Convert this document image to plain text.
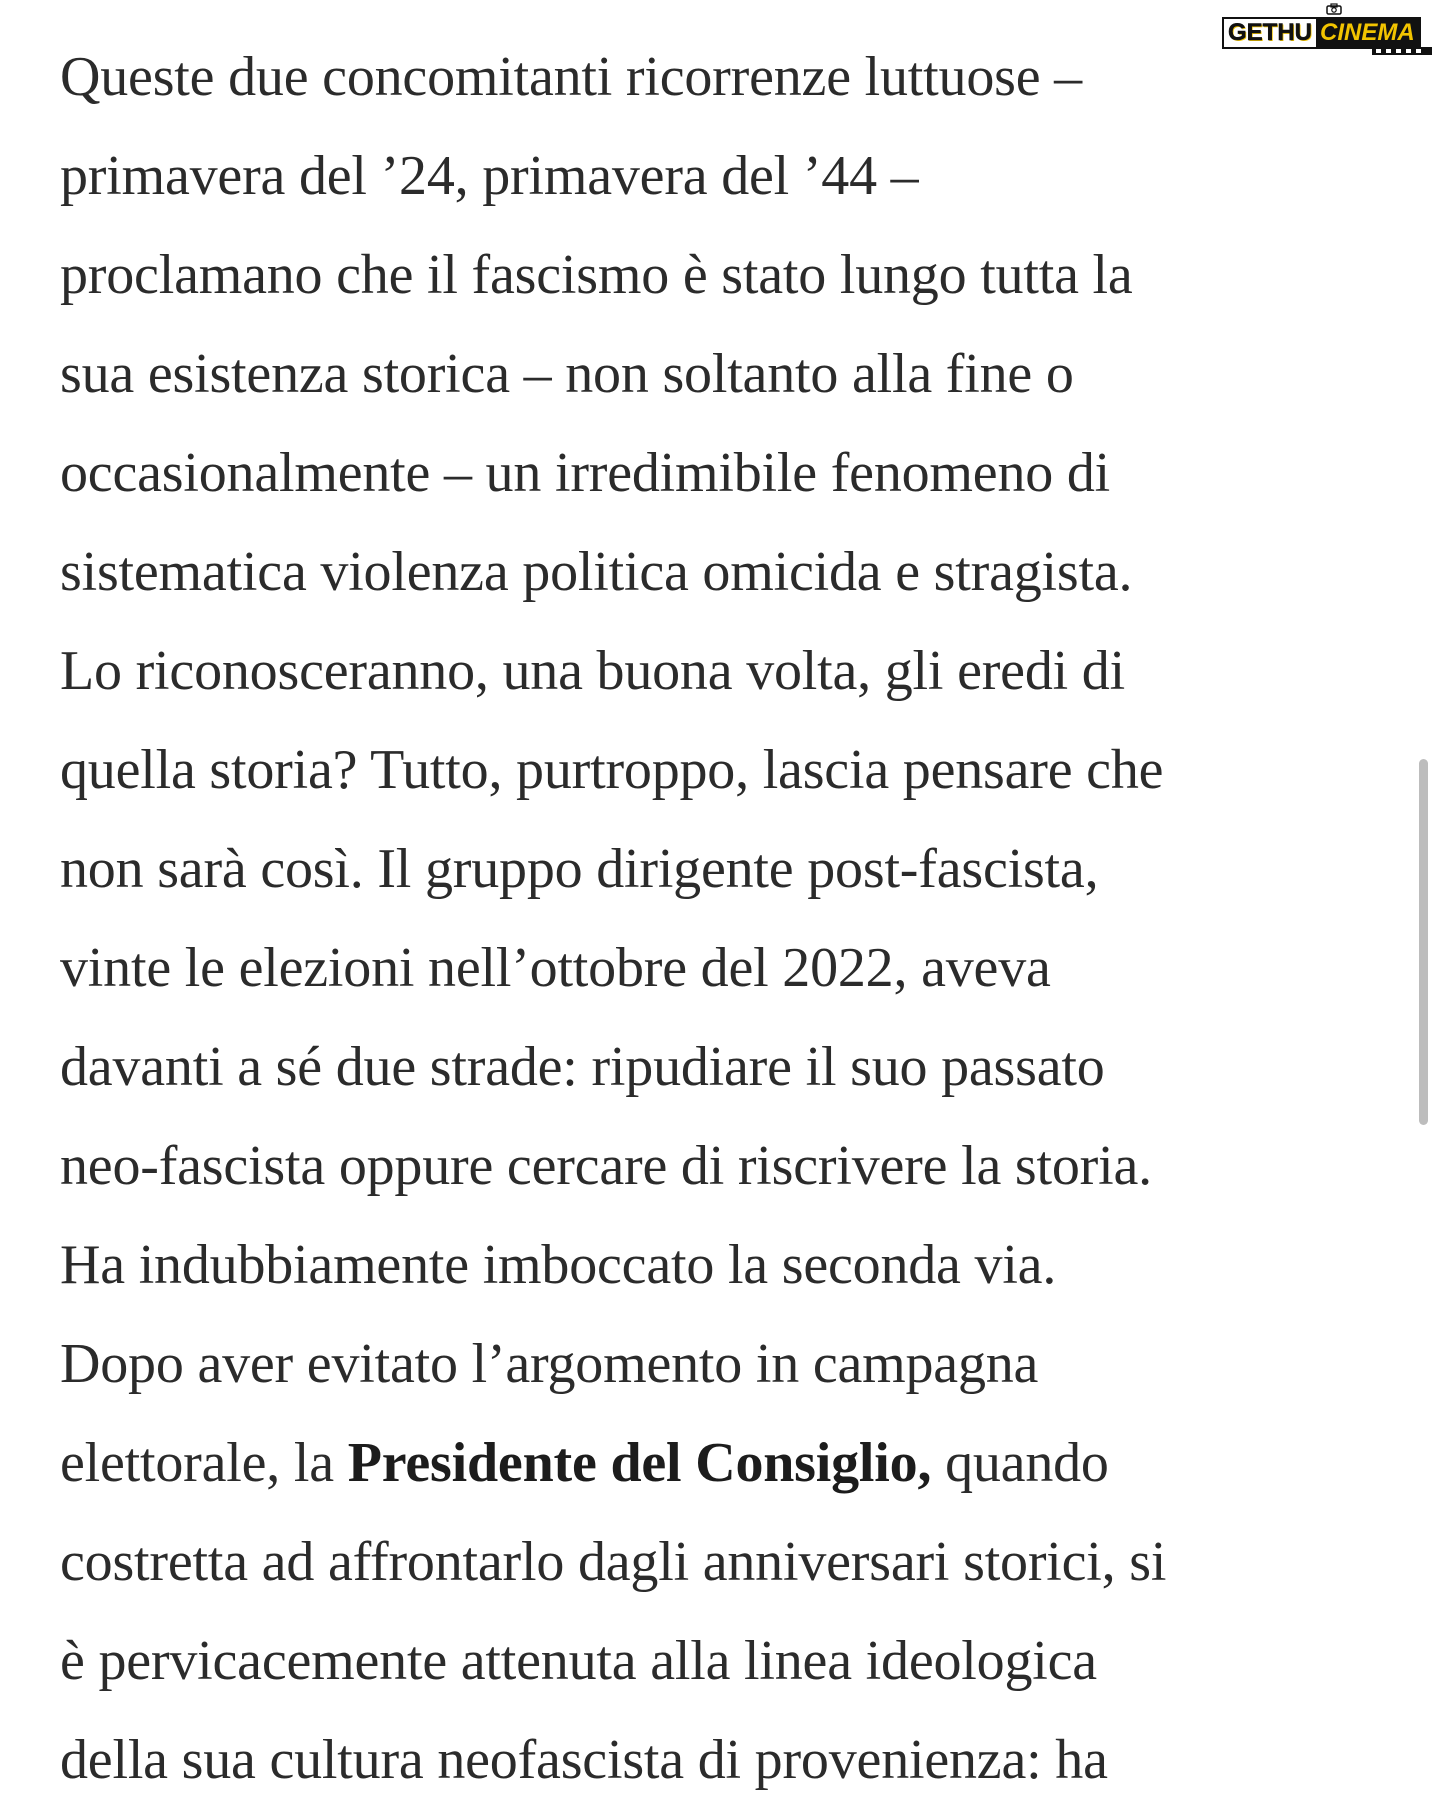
Queste due concomitanti ricorrenze luttuose –
primavera del ’24, primavera del ’44 –
proclamano che il fascismo è stato lungo tutta la
sua esistenza storica – non soltanto alla fine o
occasionalmente – un irredimibile fenomeno di
sistematica violenza politica omicida e stragista.
Lo riconosceranno, una buona volta, gli eredi di
quella storia? Tutto, purtroppo, lascia pensare che
non sarà così. Il gruppo dirigente post-fascista,
vinte le elezioni nell’ottobre del 2022, aveva
davanti a sé due strade: ripudiare il suo passato
neo-fascista oppure cercare di riscrivere la storia.
Ha indubbiamente imboccato la seconda via.
Dopo aver evitato l’argomento in campagna
elettorale, la Presidente del Consiglio, quando
costretta ad affrontarlo dagli anniversari storici, si
è pervicacemente attenuta alla linea ideologica
della sua cultura neofascista di provenienza: ha
GETHU CINEMA
